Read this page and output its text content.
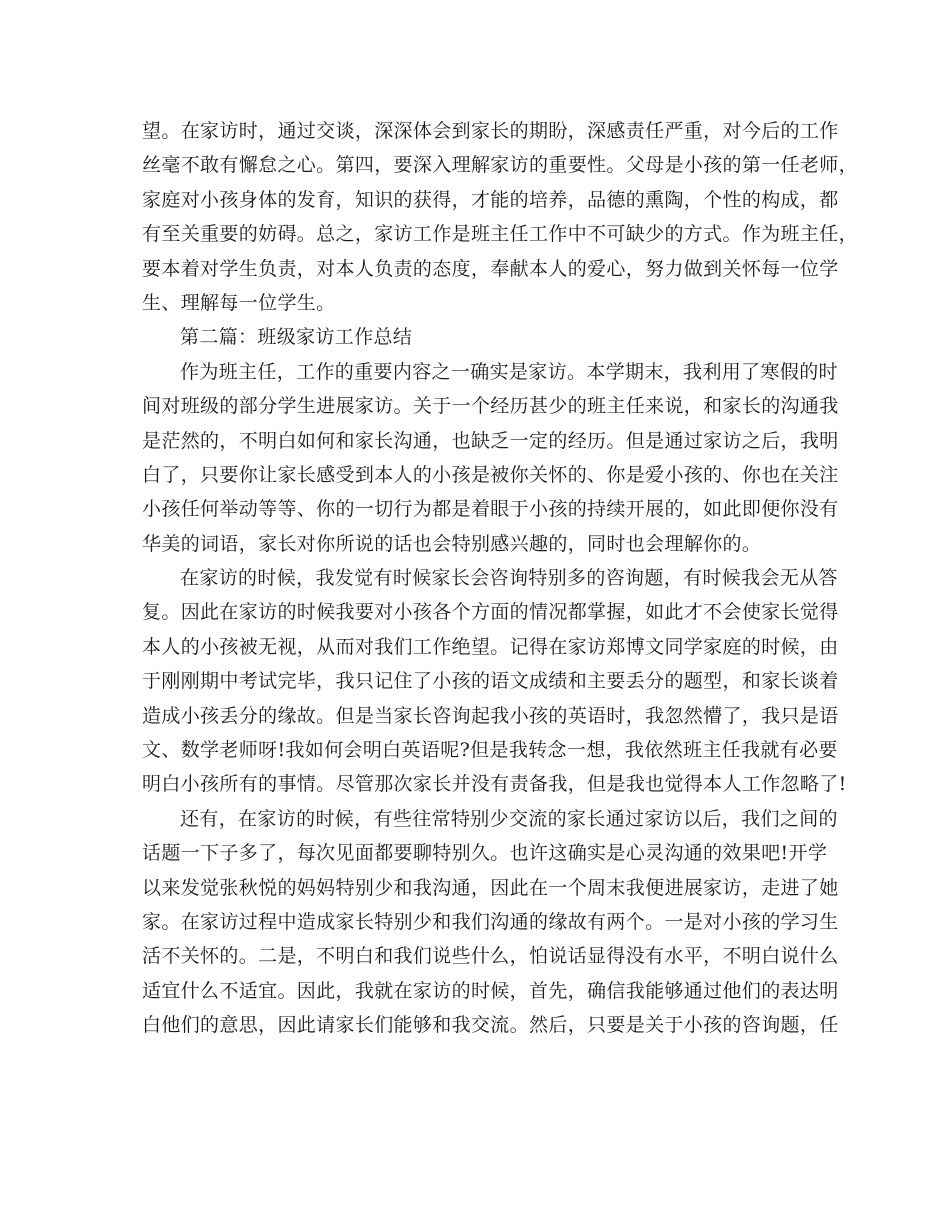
望。在家访时，通过交谈，深深体会到家长的期盼，深感责任严重，对今后的工作
丝毫不敢有懈怠之心。第四，要深入理解家访的重要性。父母是小孩的第一任老师，
家庭对小孩身体的发育，知识的获得，才能的培养，品德的熏陶，个性的构成，都
有至关重要的妨碍。总之，家访工作是班主任工作中不可缺少的方式。作为班主任，
要本着对学生负责，对本人负责的态度，奉献本人的爱心，努力做到关怀每一位学
生、理解每一位学生。
第二篇：班级家访工作总结
作为班主任，工作的重要内容之一确实是家访。本学期末，我利用了寒假的时
间对班级的部分学生进展家访。关于一个经历甚少的班主任来说，和家长的沟通我
是茫然的，不明白如何和家长沟通，也缺乏一定的经历。但是通过家访之后，我明
白了，只要你让家长感受到本人的小孩是被你关怀的、你是爱小孩的、你也在关注
小孩任何举动等等、你的一切行为都是着眼于小孩的持续开展的，如此即便你没有
华美的词语，家长对你所说的话也会特别感兴趣的，同时也会理解你的。
在家访的时候，我发觉有时候家长会咨询特别多的咨询题，有时候我会无从答
复。因此在家访的时候我要对小孩各个方面的情况都掌握，如此才不会使家长觉得
本人的小孩被无视，从而对我们工作绝望。记得在家访郑博文同学家庭的时候，由
于刚刚期中考试完毕，我只记住了小孩的语文成绩和主要丢分的题型，和家长谈着
造成小孩丢分的缘故。但是当家长咨询起我小孩的英语时，我忽然懵了，我只是语
文、数学老师呀!我如何会明白英语呢?但是我转念一想，我依然班主任我就有必要
明白小孩所有的事情。尽管那次家长并没有责备我，但是我也觉得本人工作忽略了!
还有，在家访的时候，有些往常特别少交流的家长通过家访以后，我们之间的
话题一下子多了，每次见面都要聊特别久。也许这确实是心灵沟通的效果吧!开学
以来发觉张秋悦的妈妈特别少和我沟通，因此在一个周末我便进展家访，走进了她
家。在家访过程中造成家长特别少和我们沟通的缘故有两个。一是对小孩的学习生
活不关怀的。二是，不明白和我们说些什么，怕说话显得没有水平，不明白说什么
适宜什么不适宜。因此，我就在家访的时候，首先，确信我能够通过他们的表达明
白他们的意思，因此请家长们能够和我交流。然后，只要是关于小孩的咨询题，任
